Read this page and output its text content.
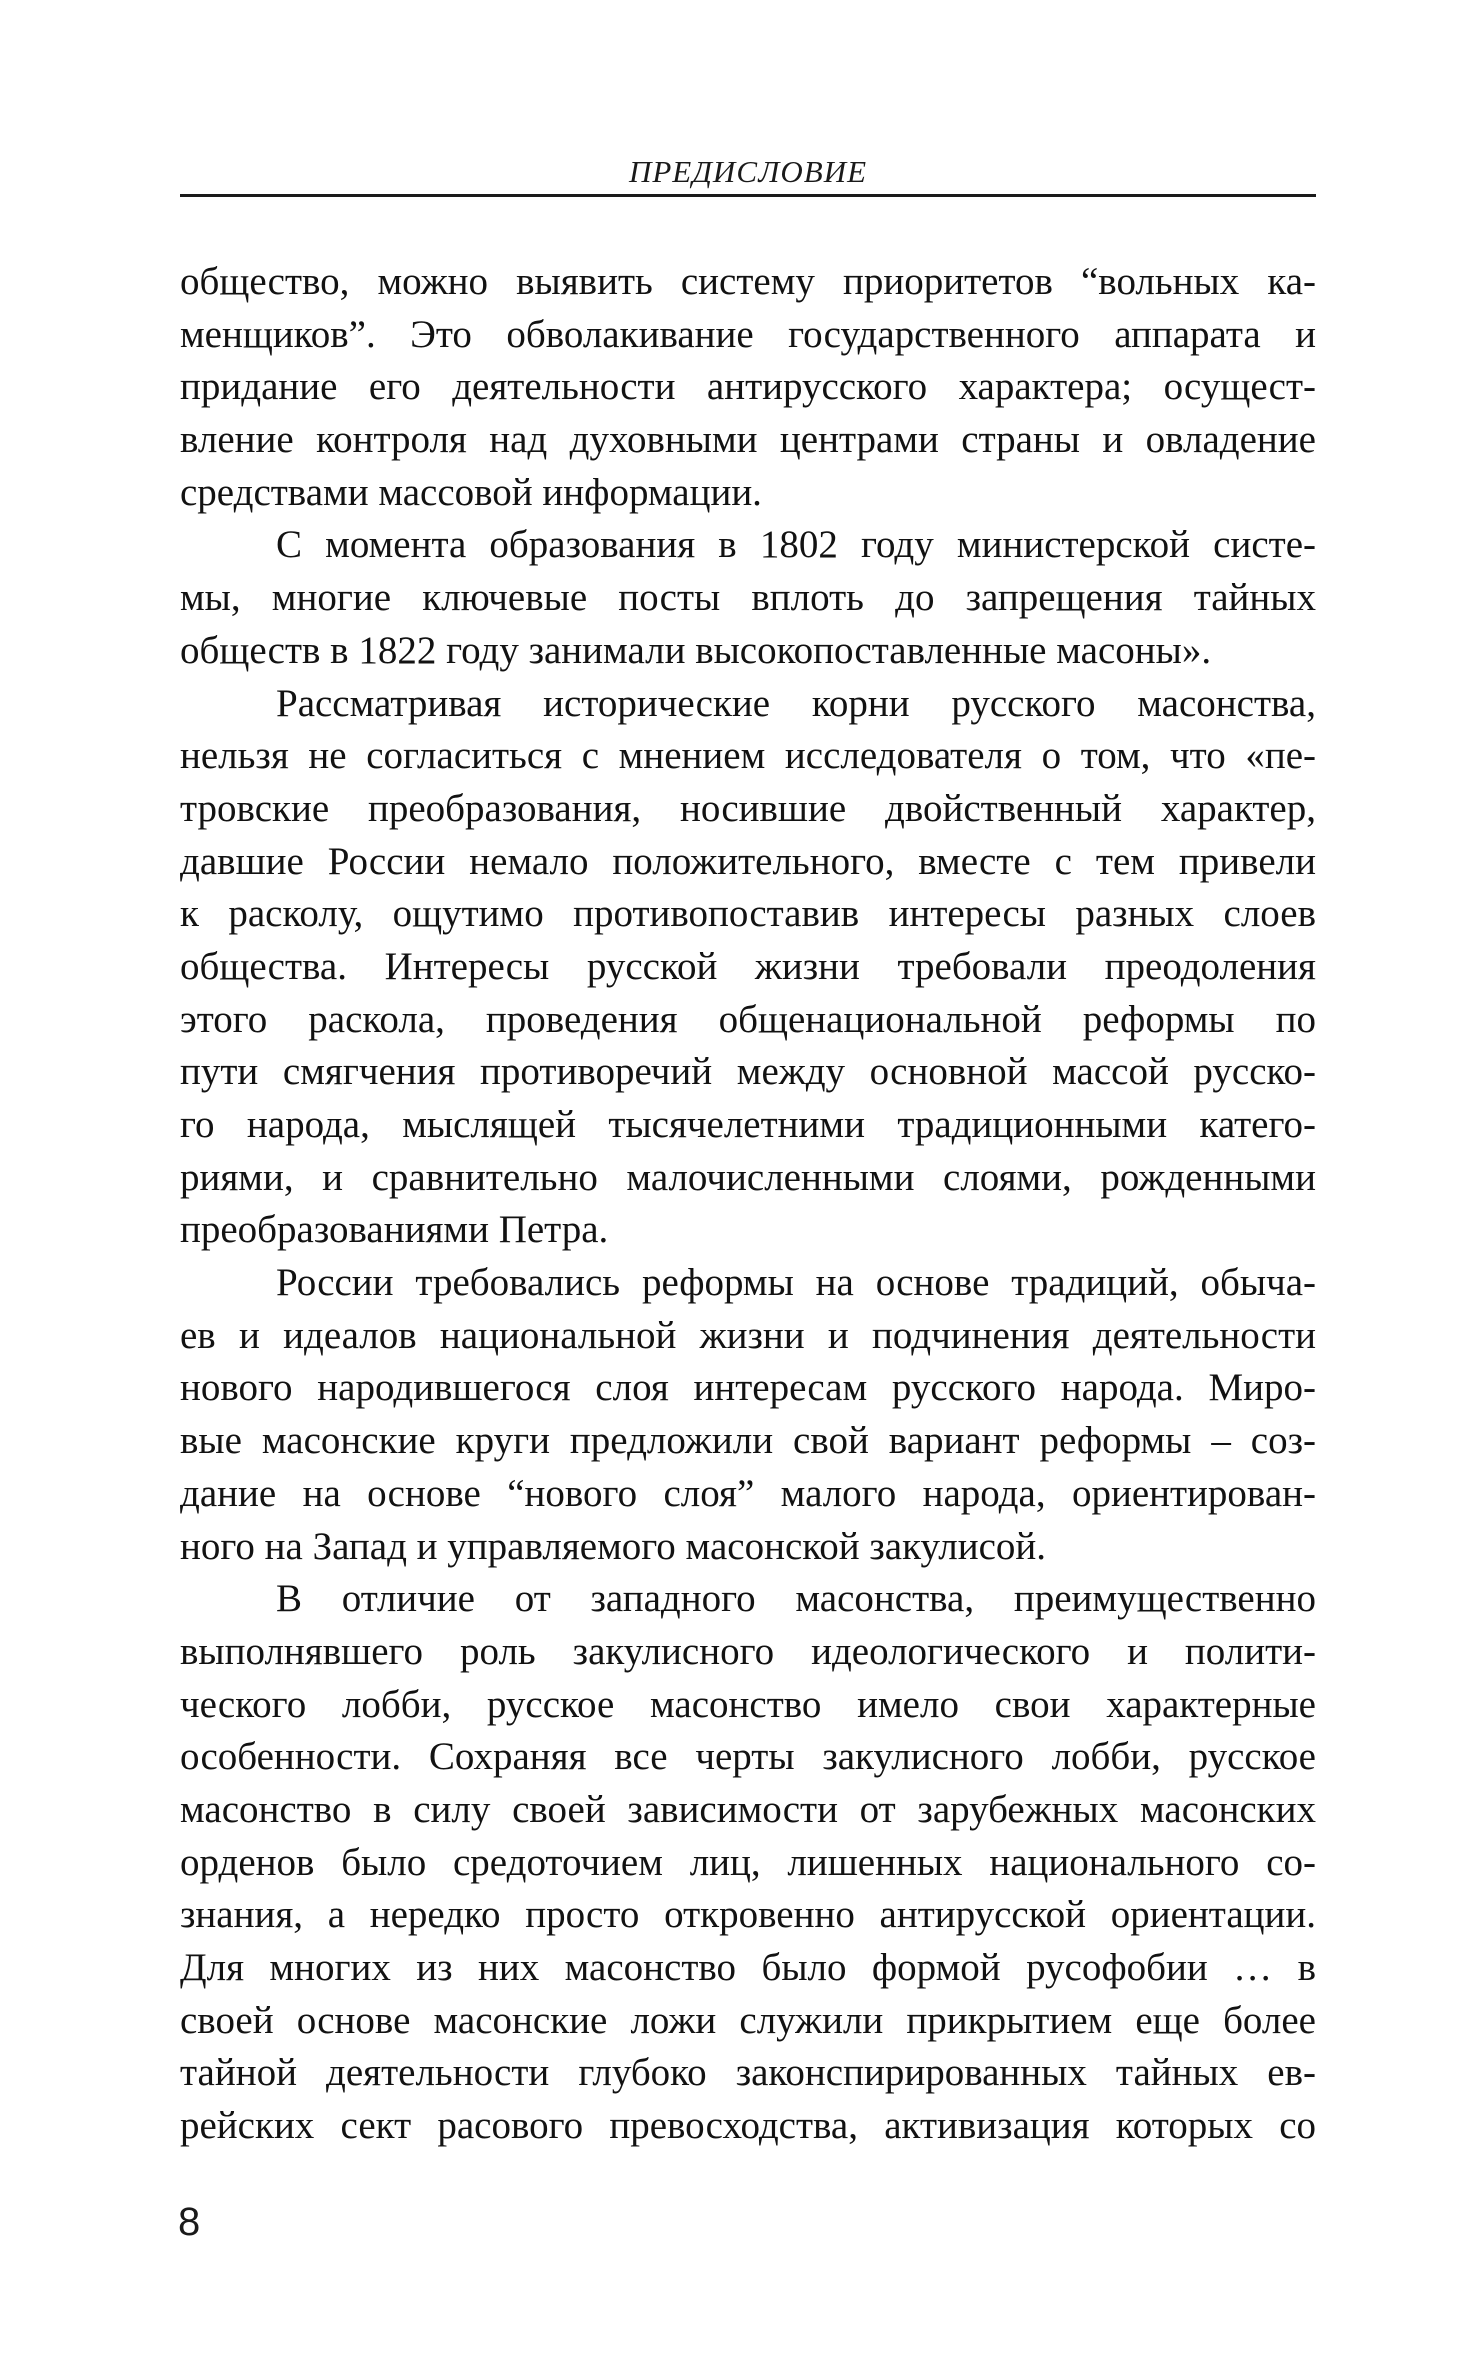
ПРЕДИСЛОВИЕ
общество, можно выявить систему приоритетов “вольных ка-
менщиков”. Это обволакивание государственного аппарата и
придание его деятельности антирусского характера; осущест-
вление контроля над духовными центрами страны и овладение
средствами массовой информации.
С момента образования в 1802 году министерской систе-
мы, многие ключевые посты вплоть до запрещения тайных
обществ в 1822 году занимали высокопоставленные масоны».
Рассматривая исторические корни русского масонства,
нельзя не согласиться с мнением исследователя о том, что «пе-
тровские преобразования, носившие двойственный характер,
давшие России немало положительного, вместе с тем привели
к расколу, ощутимо противопоставив интересы разных слоев
общества. Интересы русской жизни требовали преодоления
этого раскола, проведения общенациональной реформы по
пути смягчения противоречий между основной массой русско-
го народа, мыслящей тысячелетними традиционными катего-
риями, и сравнительно малочисленными слоями, рожденными
преобразованиями Петра.
России требовались реформы на основе традиций, обыча-
ев и идеалов национальной жизни и подчинения деятельности
нового народившегося слоя интересам русского народа. Миро-
вые масонские круги предложили свой вариант реформы – соз-
дание на основе “нового слоя” малого народа, ориентирован-
ного на Запад и управляемого масонской закулисой.
В отличие от западного масонства, преимущественно
выполнявшего роль закулисного идеологического и полити-
ческого лобби, русское масонство имело свои характерные
особенности. Сохраняя все черты закулисного лобби, русское
масонство в силу своей зависимости от зарубежных масонских
орденов было средоточием лиц, лишенных национального со-
знания, а нередко просто откровенно антирусской ориентации.
Для многих из них масонство было формой русофобии … в
своей основе масонские ложи служили прикрытием еще более
тайной деятельности глубоко законспирированных тайных ев-
рейских сект расового превосходства, активизация которых со
8
